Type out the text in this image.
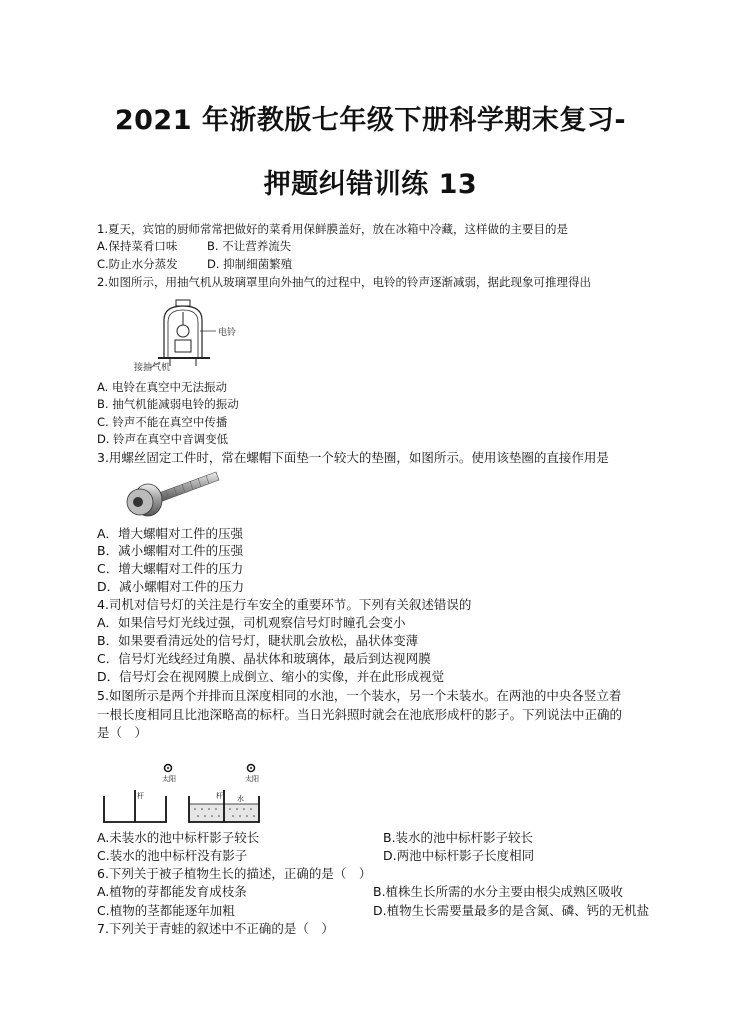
2021 年浙教版七年级下册科学期末复习-
押题纠错训练 13
1.夏天，宾馆的厨师常常把做好的菜肴用保鲜膜盖好，放在冰箱中冷藏，这样做的主要目的是
A.保持菜肴口味	B. 不让营养流失
C.防止水分蒸发	D. 抑制细菌繁殖
2.如图所示，用抽气机从玻璃罩里向外抽气的过程中，电铃的铃声逐渐减弱，据此现象可推理得出
电铃
接抽气机
A. 电铃在真空中无法振动
B. 抽气机能减弱电铃的振动
C. 铃声不能在真空中传播
D. 铃声在真空中音调变低
3.用螺丝固定工件时，常在螺帽下面垫一个较大的垫圈，如图所示。使用该垫圈的直接作用是
A．增大螺帽对工件的压强
B．减小螺帽对工件的压强
C．增大螺帽对工件的压力
D．减小螺帽对工件的压力
4.司机对信号灯的关注是行车安全的重要环节。下列有关叙述错误的
A．如果信号灯光线过强，司机观察信号灯时瞳孔会变小
B．如果要看清远处的信号灯，睫状肌会放松，晶状体变薄
C．信号灯光线经过角膜、晶状体和玻璃体，最后到达视网膜
D．信号灯会在视网膜上成倒立、缩小的实像，并在此形成视觉
5.如图所示是两个并排而且深度相同的水池，一个装水，另一个未装水。在两池的中央各竖立着
一根长度相同且比池深略高的标杆。当日光斜照时就会在池底形成杆的影子。下列说法中正确的
是（　）
太阳	太阳
杆	杆 水
A.未装水的池中标杆影子较长	B.装水的池中标杆影子较长
C.装水的池中标杆没有影子	D.两池中标杆影子长度相同
6.下列关于被子植物生长的描述，正确的是（　）
A.植物的芽都能发育成枝条	B.植株生长所需的水分主要由根尖成熟区吸收
C.植物的茎都能逐年加粗	D.植物生长需要量最多的是含氮、磷、钙的无机盐
7.下列关于青蛙的叙述中不正确的是（　）
